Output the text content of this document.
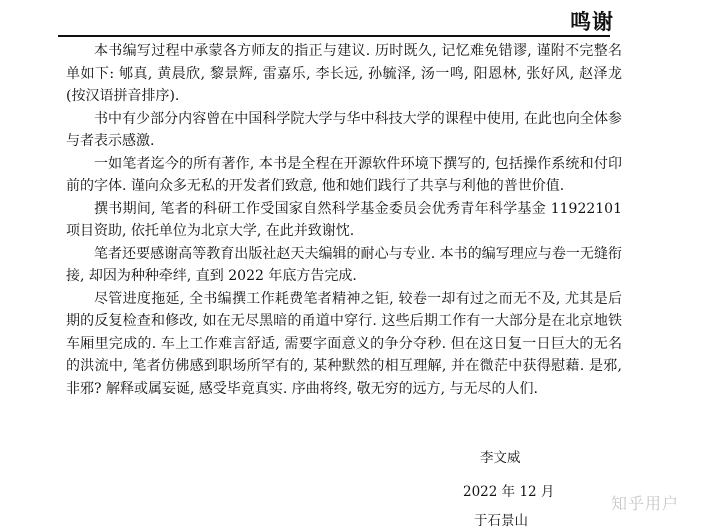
鸣谢

本书编写过程中承蒙各方师友的指正与建议. 历时既久, 记忆难免错谬, 谨附不完整名单如下: 郇真, 黄晨欣, 黎景辉, 雷嘉乐, 李长远, 孙毓泽, 汤一鸣, 阳恩林, 张好风, 赵泽龙 (按汉语拼音排序).

书中有少部分内容曾在中国科学院大学与华中科技大学的课程中使用, 在此也向全体参与者表示感激.

一如笔者迄今的所有著作, 本书是全程在开源软件环境下撰写的, 包括操作系统和付印前的字体. 谨向众多无私的开发者们致意, 他和她们践行了共享与利他的普世价值.

撰书期间, 笔者的科研工作受国家自然科学基金委员会优秀青年科学基金 11922101 项目资助, 依托单位为北京大学, 在此并致谢忱.

笔者还要感谢高等教育出版社赵天夫编辑的耐心与专业. 本书的编写理应与卷一无缝衔接, 却因为种种牵绊, 直到 2022 年底方告完成.

尽管进度拖延, 全书编撰工作耗费笔者精神之钜, 较卷一却有过之而无不及, 尤其是后期的反复检查和修改, 如在无尽黑暗的甬道中穿行. 这些后期工作有一大部分是在北京地铁车厢里完成的. 车上工作难言舒适, 需要字面意义的争分夺秒. 但在这日复一日巨大的无名的洪流中, 笔者仿佛感到职场所罕有的, 某种默然的相互理解, 并在微茫中获得慰藉. 是邪, 非邪? 解释或属妄诞, 感受毕竟真实. 序曲将终, 敬无穷的远方, 与无尽的人们.

李文威
2022 年 12 月
于石景山
知乎用户
